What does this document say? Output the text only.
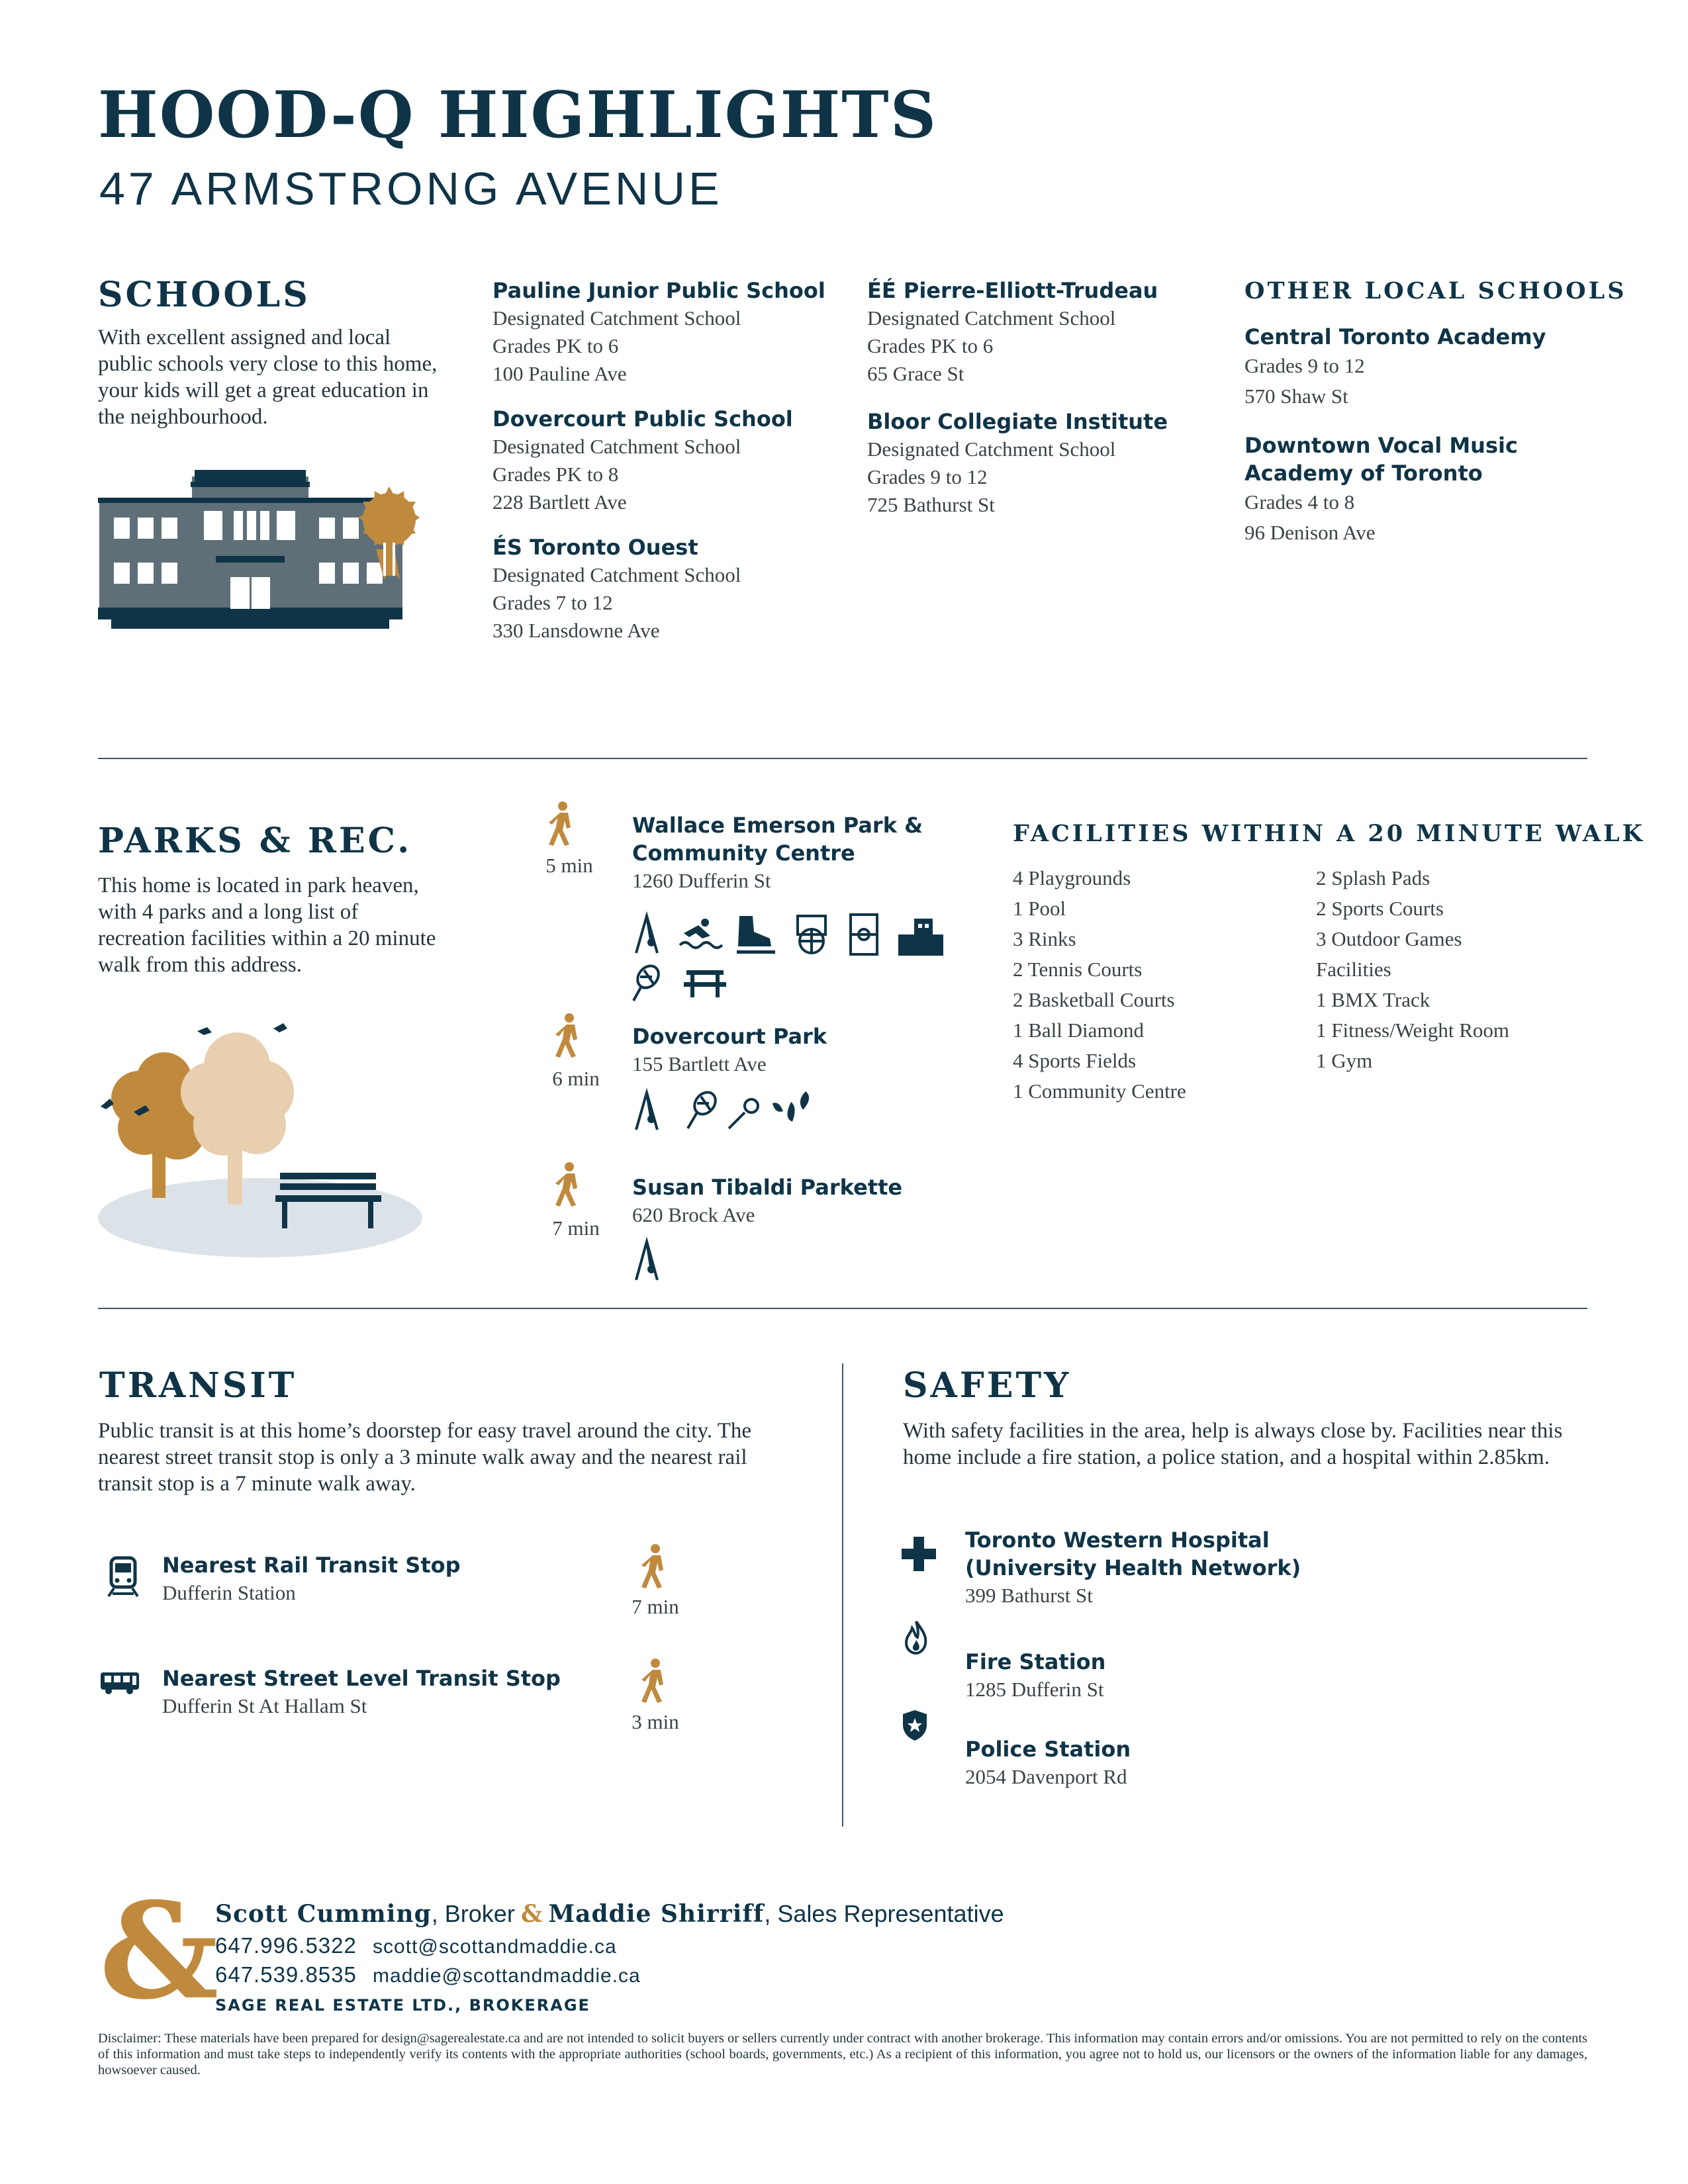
HOOD-Q HIGHLIGHTS
47 ARMSTRONG AVENUE
SCHOOLS
With excellent assigned and local public schools very close to this home, your kids will get a great education in the neighbourhood.
Pauline Junior Public School
Designated Catchment School
Grades PK to 6
100 Pauline Ave
Dovercourt Public School
Designated Catchment School
Grades PK to 8
228 Bartlett Ave
ÉS Toronto Ouest
Designated Catchment School
Grades 7 to 12
330 Lansdowne Ave
ÉÉ Pierre-Elliott-Trudeau
Designated Catchment School
Grades PK to 6
65 Grace St
Bloor Collegiate Institute
Designated Catchment School
Grades 9 to 12
725 Bathurst St
OTHER LOCAL SCHOOLS
Central Toronto Academy
Grades 9 to 12
570 Shaw St
Downtown Vocal Music
Academy of Toronto
Grades 4 to 8
96 Denison Ave
PARKS & REC.
This home is located in park heaven, with 4 parks and a long list of recreation facilities within a 20 minute walk from this address.
5 min
6 min
7 min
Wallace Emerson Park &
Community Centre
1260 Dufferin St
Dovercourt Park
155 Bartlett Ave
Susan Tibaldi Parkette
620 Brock Ave
FACILITIES WITHIN A 20 MINUTE WALK
4 Playgrounds
1 Pool
3 Rinks
2 Tennis Courts
2 Basketball Courts
1 Ball Diamond
4 Sports Fields
1 Community Centre
2 Splash Pads
2 Sports Courts
3 Outdoor Games
Facilities
1 BMX Track
1 Fitness/Weight Room
1 Gym
TRANSIT
Public transit is at this home’s doorstep for easy travel around the city. The nearest street transit stop is only a 3 minute walk away and the nearest rail transit stop is a 7 minute walk away.
Nearest Rail Transit Stop
Dufferin Station
7 min
Nearest Street Level Transit Stop
Dufferin St At Hallam St
3 min
SAFETY
With safety facilities in the area, help is always close by. Facilities near this home include a fire station, a police station, and a hospital within 2.85km.
Toronto Western Hospital
(University Health Network)
399 Bathurst St
Fire Station
1285 Dufferin St
Police Station
2054 Davenport Rd
&
Scott Cumming, Broker & Maddie Shirriff, Sales Representative
647.996.5322 scott@scottandmaddie.ca
647.539.8535 maddie@scottandmaddie.ca
SAGE REAL ESTATE LTD., BROKERAGE
Disclaimer: These materials have been prepared for design@sagerealestate.ca and are not intended to solicit buyers or sellers currently under contract with another brokerage. This information may contain errors and/or omissions. You are not permitted to rely on the contents of this information and must take steps to independently verify its contents with the appropriate authorities (school boards, governments, etc.) As a recipient of this information, you agree not to hold us, our licensors or the owners of the information liable for any damages, howsoever caused.
